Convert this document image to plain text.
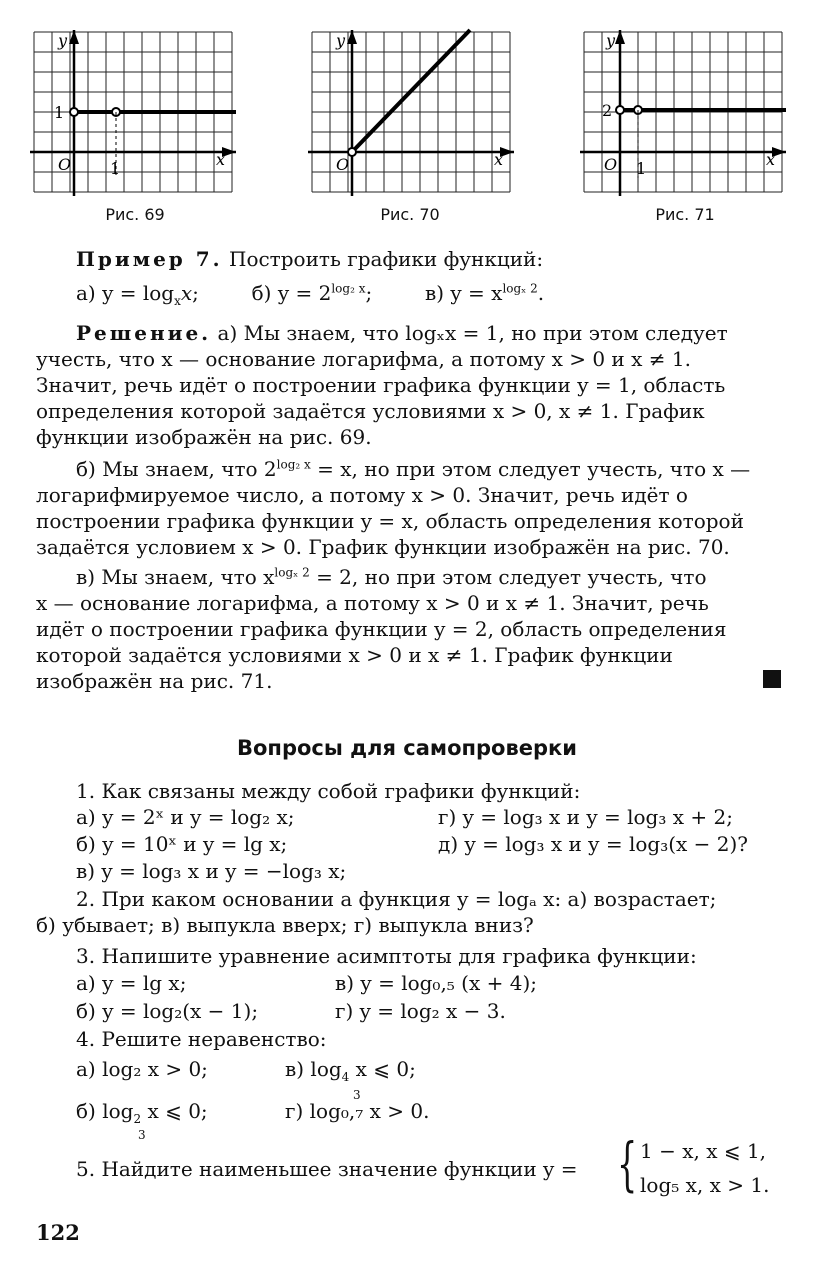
y
x
O
1
1
Рис. 69
y
x
O
Рис. 70
y
x
O
2
1
Рис. 71
Пример 7. Построить графики функций:
а) $y = \log_xx$;	б) $y = 2^{log_2 x}$;	в) $y = x^{log_x 2}$.
Решение. а) Мы знаем, что logₓx = 1, но при этом следует
учесть, что x — основание логарифма, а потому x > 0 и x ≠ 1.
Значит, речь идёт о построении графика функции y = 1, область
определения которой задаётся условиями x > 0, x ≠ 1. График
функции изображён на рис. 69.
б) Мы знаем, что $2^{log_2 x} = x$, но при этом следует учесть, что x —
логарифмируемое число, а потому x > 0. Значит, речь идёт о
построении графика функции y = x, область определения которой
задаётся условием x > 0. График функции изображён на рис. 70.
в) Мы знаем, что $x^{log_x 2} = 2$, но при этом следует учесть, что
x — основание логарифма, а потому x > 0 и x ≠ 1. Значит, речь
идёт о построении графика функции y = 2, область определения
которой задаётся условиями x > 0 и x ≠ 1. График функции
изображён на рис. 71.
Вопросы для самопроверки
1. Как связаны между собой графики функций:
а) y = 2ˣ и y = log₂ x;	г) y = log₃ x и y = log₃ x + 2;
б) y = 10ˣ и y = lg x;	д) y = log₃ x и y = log₃(x − 2)?
в) y = log₃ x и y = −log₃ x;
2. При каком основании a функция y = logₐ x: а) возрастает;
б) убывает; в) выпукла вверх; г) выпукла вниз?
3. Напишите уравнение асимптоты для графика функции:
а) y = lg x;	в) y = log₀,₅ (x + 4);
б) y = log₂(x − 1);	г) y = log₂ x − 3.
4. Решите неравенство:
а) log₂ x > 0;	в) $\log_4 x$ ⩽ 0;
3
б) $\log_2 x$ ⩽ 0;
3
г) log₀,₇ x > 0.
5. Найдите наименьшее значение функции y = { 1 − x, x ⩽ 1,
log₅ x, x > 1.
122
